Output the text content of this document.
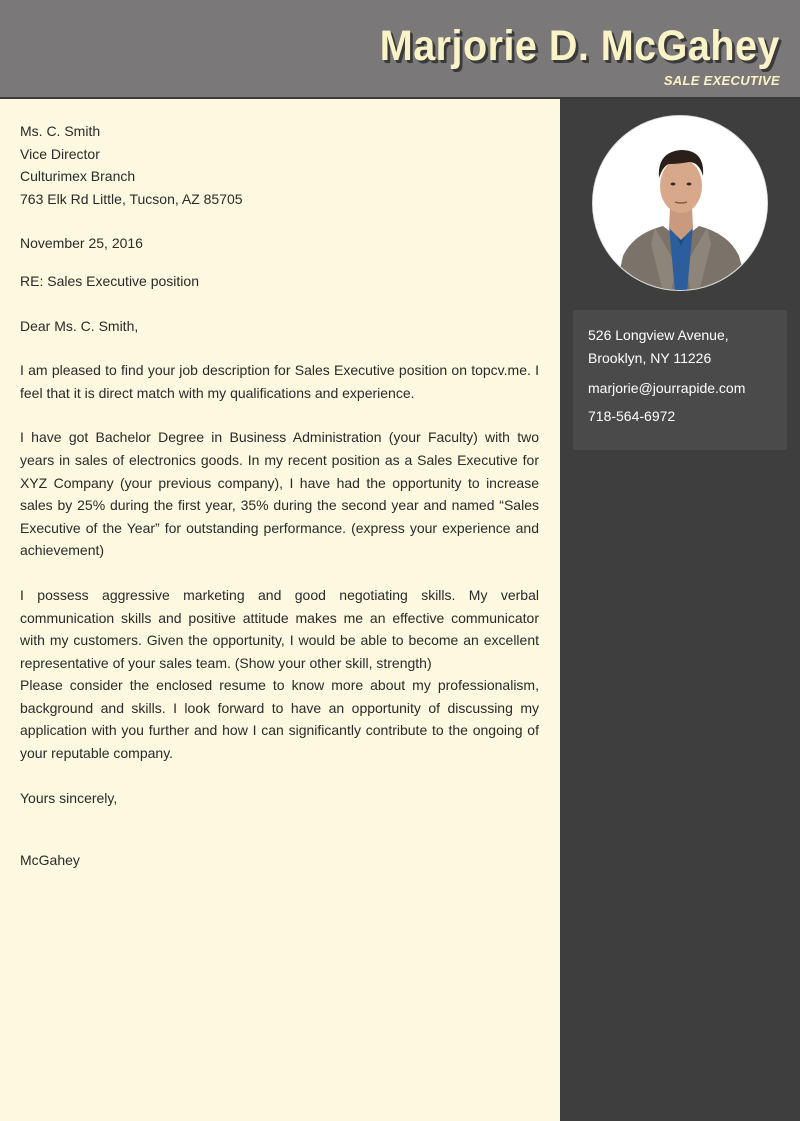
Marjorie D. McGahey
SALE EXECUTIVE

Ms. C. Smith

Vice Director

Culturimex Branch

763 Elk Rd Little, Tucson, AZ 85705

November 25, 2016

RE: Sales Executive position

Dear Ms. C. Smith,

I am pleased to find your job description for Sales Executive position on topcv.me. I feel that it is direct match with my qualifications and experience.

I have got Bachelor Degree in Business Administration (your Faculty) with two years in sales of electronics goods. In my recent position as a Sales Executive for XYZ Company (your previous company), I have had the opportunity to increase sales by 25% during the first year, 35% during the second year and named “Sales Executive of the Year” for outstanding performance. (express your experience and achievement)

I possess aggressive marketing and good negotiating skills. My verbal communication skills and positive attitude makes me an effective communicator with my customers. Given the opportunity, I would be able to become an excellent representative of your sales team. (Show your other skill, strength)

Please consider the enclosed resume to know more about my professionalism, background and skills. I look forward to have an opportunity of discussing my application with you further and how I can significantly contribute to the ongoing of your reputable company.

Yours sincerely,

McGahey

526 Longview Avenue,
Brooklyn, NY 11226
marjorie@jourrapide.com
718-564-6972
